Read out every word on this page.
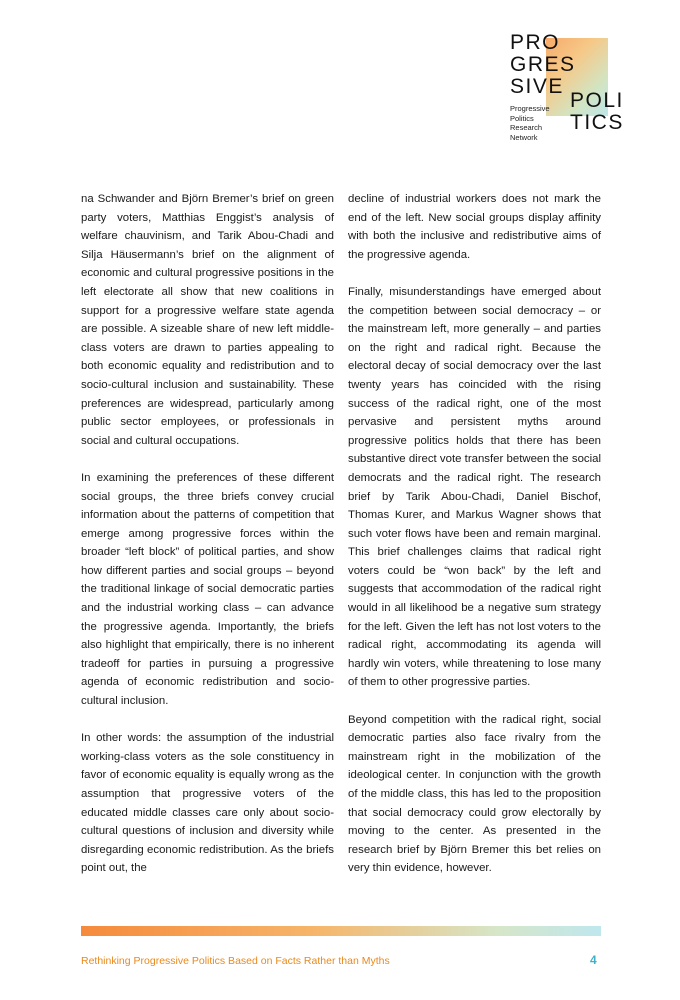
PRO
GRES
SIVE
POLI
TICS
Progressive
Politics
Research
Network

na Schwander and Björn Bremer’s brief on green party voters, Matthias Enggist’s analysis of welfare chauvinism, and Tarik Abou-Chadi and Silja Häusermann’s brief on the alignment of economic and cultural progressive positions in the left electorate all show that new coalitions in support for a progressive welfare state agenda are possible. A sizeable share of new left middle-class voters are drawn to parties appealing to both economic equality and redistribution and to socio-cultural inclusion and sustainability. These preferences are widespread, particularly among public sector employees, or professionals in social and cultural occupations.

In examining the preferences of these different social groups, the three briefs convey crucial information about the patterns of competition that emerge among progressive forces within the broader “left block” of political parties, and show how different parties and social groups – beyond the traditional linkage of social democratic parties and the industrial working class – can advance the progressive agenda. Importantly, the briefs also highlight that empirically, there is no inherent tradeoff for parties in pursuing a progressive agenda of economic redistribution and socio-cultural inclusion.

In other words: the assumption of the industrial working-class voters as the sole constituency in favor of economic equality is equally wrong as the assumption that progressive voters of the educated middle classes care only about socio-cultural questions of inclusion and diversity while disregarding economic redistribution. As the briefs point out, the

decline of industrial workers does not mark the end of the left. New social groups display affinity with both the inclusive and redistributive aims of the progressive agenda.

Finally, misunderstandings have emerged about the competition between social democracy – or the mainstream left, more generally – and parties on the right and radical right. Because the electoral decay of social democracy over the last twenty years has coincided with the rising success of the radical right, one of the most pervasive and persistent myths around progressive politics holds that there has been substantive direct vote transfer between the social democrats and the radical right. The research brief by Tarik Abou-Chadi, Daniel Bischof, Thomas Kurer, and Markus Wagner shows that such voter flows have been and remain marginal. This brief challenges claims that radical right voters could be “won back” by the left and suggests that accommodation of the radical right would in all likelihood be a negative sum strategy for the left. Given the left has not lost voters to the radical right, accommodating its agenda will hardly win voters, while threatening to lose many of them to other progressive parties.

Beyond competition with the radical right, social democratic parties also face rivalry from the mainstream right in the mobilization of the ideological center. In conjunction with the growth of the middle class, this has led to the proposition that social democracy could grow electorally by moving to the center. As presented in the research brief by Björn Bremer this bet relies on very thin evidence, however.

Rethinking Progressive Politics Based on Facts Rather than Myths	4
